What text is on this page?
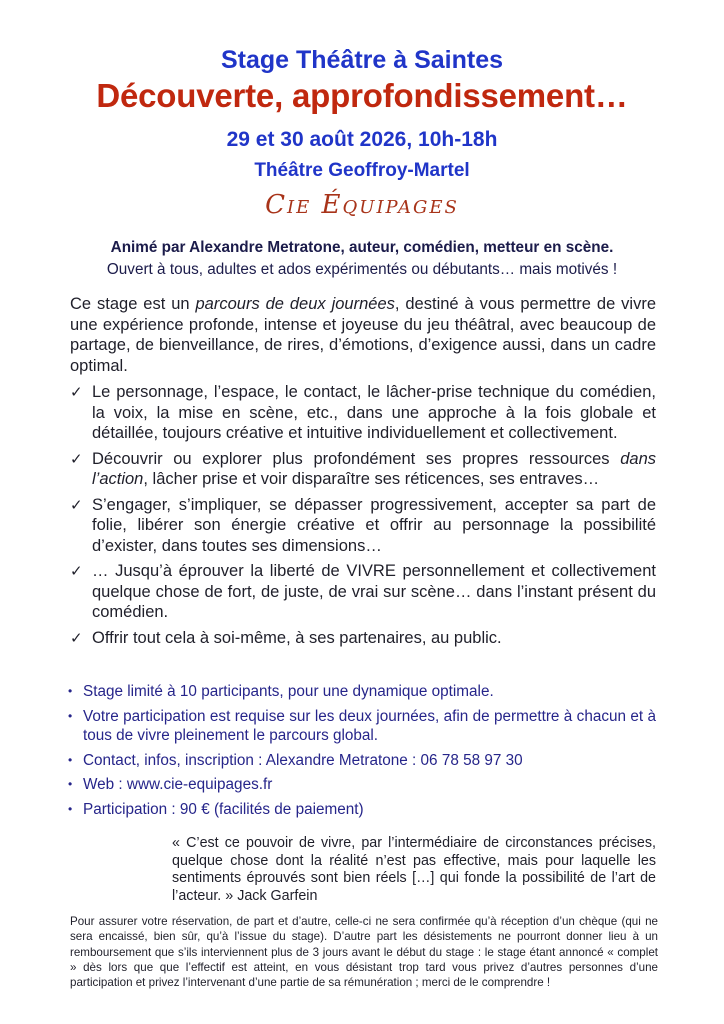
Stage Théâtre à Saintes
Découverte, approfondissement…
29 et 30 août 2026, 10h-18h
Théâtre Geoffroy-Martel
Cie Équipages
Animé par Alexandre Metratone, auteur, comédien, metteur en scène.
Ouvert à tous, adultes et ados expérimentés ou débutants… mais motivés !

Ce stage est un parcours de deux journées, destiné à vous permettre de vivre une expérience profonde, intense et joyeuse du jeu théâtral, avec beaucoup de partage, de bienveillance, de rires, d’émotions, d’exigence aussi, dans un cadre optimal.

✓ Le personnage, l’espace, le contact, le lâcher-prise technique du comédien, la voix, la mise en scène, etc., dans une approche à la fois globale et détaillée, toujours créative et intuitive individuellement et collectivement.
✓ Découvrir ou explorer plus profondément ses propres ressources dans l’action, lâcher prise et voir disparaître ses réticences, ses entraves…
✓ S’engager, s’impliquer, se dépasser progressivement, accepter sa part de folie, libérer son énergie créative et offrir au personnage la possibilité d’exister, dans toutes ses dimensions…
✓ … Jusqu’à éprouver la liberté de VIVRE personnellement et collectivement quelque chose de fort, de juste, de vrai sur scène… dans l’instant présent du comédien.
✓ Offrir tout cela à soi-même, à ses partenaires, au public.
• Stage limité à 10 participants, pour une dynamique optimale.
• Votre participation est requise sur les deux journées, afin de permettre à chacun et à tous de vivre pleinement le parcours global.
• Contact, infos, inscription : Alexandre Metratone : 06 78 58 97 30
• Web : www.cie-equipages.fr
• Participation : 90 € (facilités de paiement)

« C’est ce pouvoir de vivre, par l’intermédiaire de circonstances précises, quelque chose dont la réalité n’est pas effective, mais pour laquelle les sentiments éprouvés sont bien réels […] qui fonde la possibilité de l’art de l’acteur. » Jack Garfein

Pour assurer votre réservation, de part et d’autre, celle-ci ne sera confirmée qu’à réception d’un chèque (qui ne sera encaissé, bien sûr, qu’à l’issue du stage). D’autre part les désistements ne pourront donner lieu à un remboursement que s’ils interviennent plus de 3 jours avant le début du stage : le stage étant annoncé « complet » dès lors que que l’effectif est atteint, en vous désistant trop tard vous privez d’autres personnes d’une participation et privez l’intervenant d’une partie de sa rémunération ; merci de le comprendre !
